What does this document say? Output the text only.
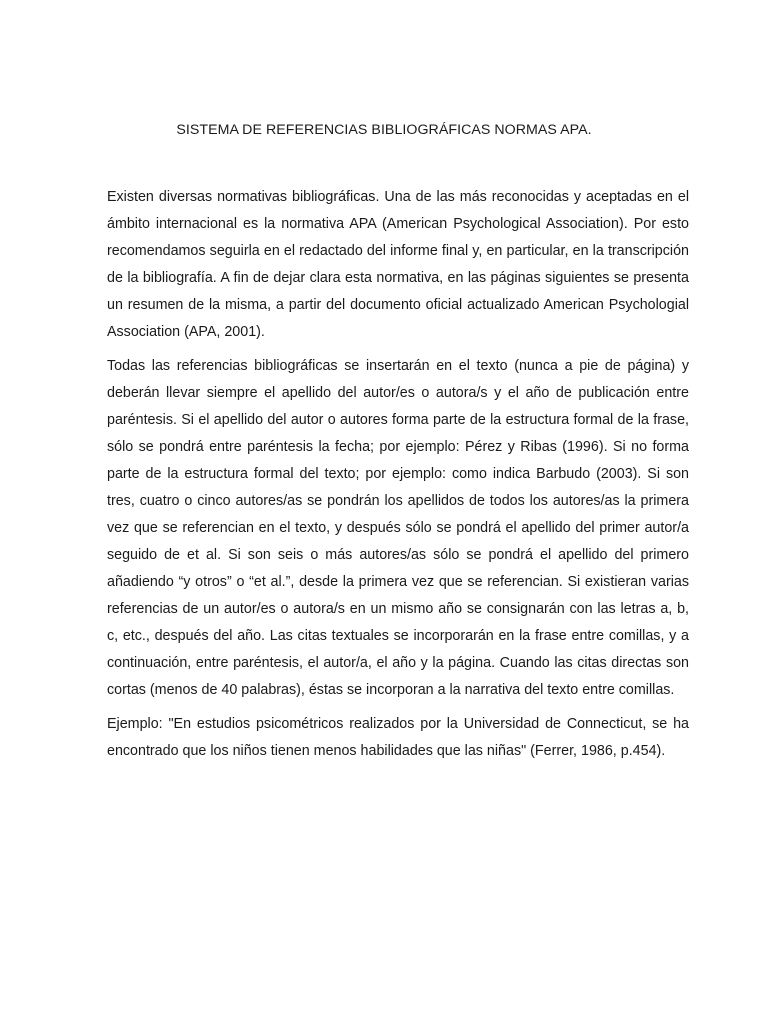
SISTEMA DE REFERENCIAS BIBLIOGRÁFICAS NORMAS APA.

Existen diversas normativas bibliográficas. Una de las más reconocidas y aceptadas en el ámbito internacional es la normativa APA (American Psychological Association). Por esto recomendamos seguirla en el redactado del informe final y, en particular, en la transcripción de la bibliografía. A fin de dejar clara esta normativa, en las páginas siguientes se presenta un resumen de la misma, a partir del documento oficial actualizado American Psychologial Association (APA, 2001).

Todas las referencias bibliográficas se insertarán en el texto (nunca a pie de página) y deberán llevar siempre el apellido del autor/es o autora/s y el año de publicación entre paréntesis. Si el apellido del autor o autores forma parte de la estructura formal de la frase, sólo se pondrá entre paréntesis la fecha; por ejemplo: Pérez y Ribas (1996). Si no forma parte de la estructura formal del texto; por ejemplo: como indica Barbudo (2003). Si son tres, cuatro o cinco autores/as se pondrán los apellidos de todos los autores/as la primera vez que se referencian en el texto, y después sólo se pondrá el apellido del primer autor/a seguido de et al. Si son seis o más autores/as sólo se pondrá el apellido del primero añadiendo “y otros” o “et al.”, desde la primera vez que se referencian. Si existieran varias referencias de un autor/es o autora/s en un mismo año se consignarán con las letras a, b, c, etc., después del año. Las citas textuales se incorporarán en la frase entre comillas, y a continuación, entre paréntesis, el autor/a, el año y la página. Cuando las citas directas son cortas (menos de 40 palabras), éstas se incorporan a la narrativa del texto entre comillas.

Ejemplo: "En estudios psicométricos realizados por la Universidad de Connecticut, se ha encontrado que los niños tienen menos habilidades que las niñas" (Ferrer, 1986, p.454).
